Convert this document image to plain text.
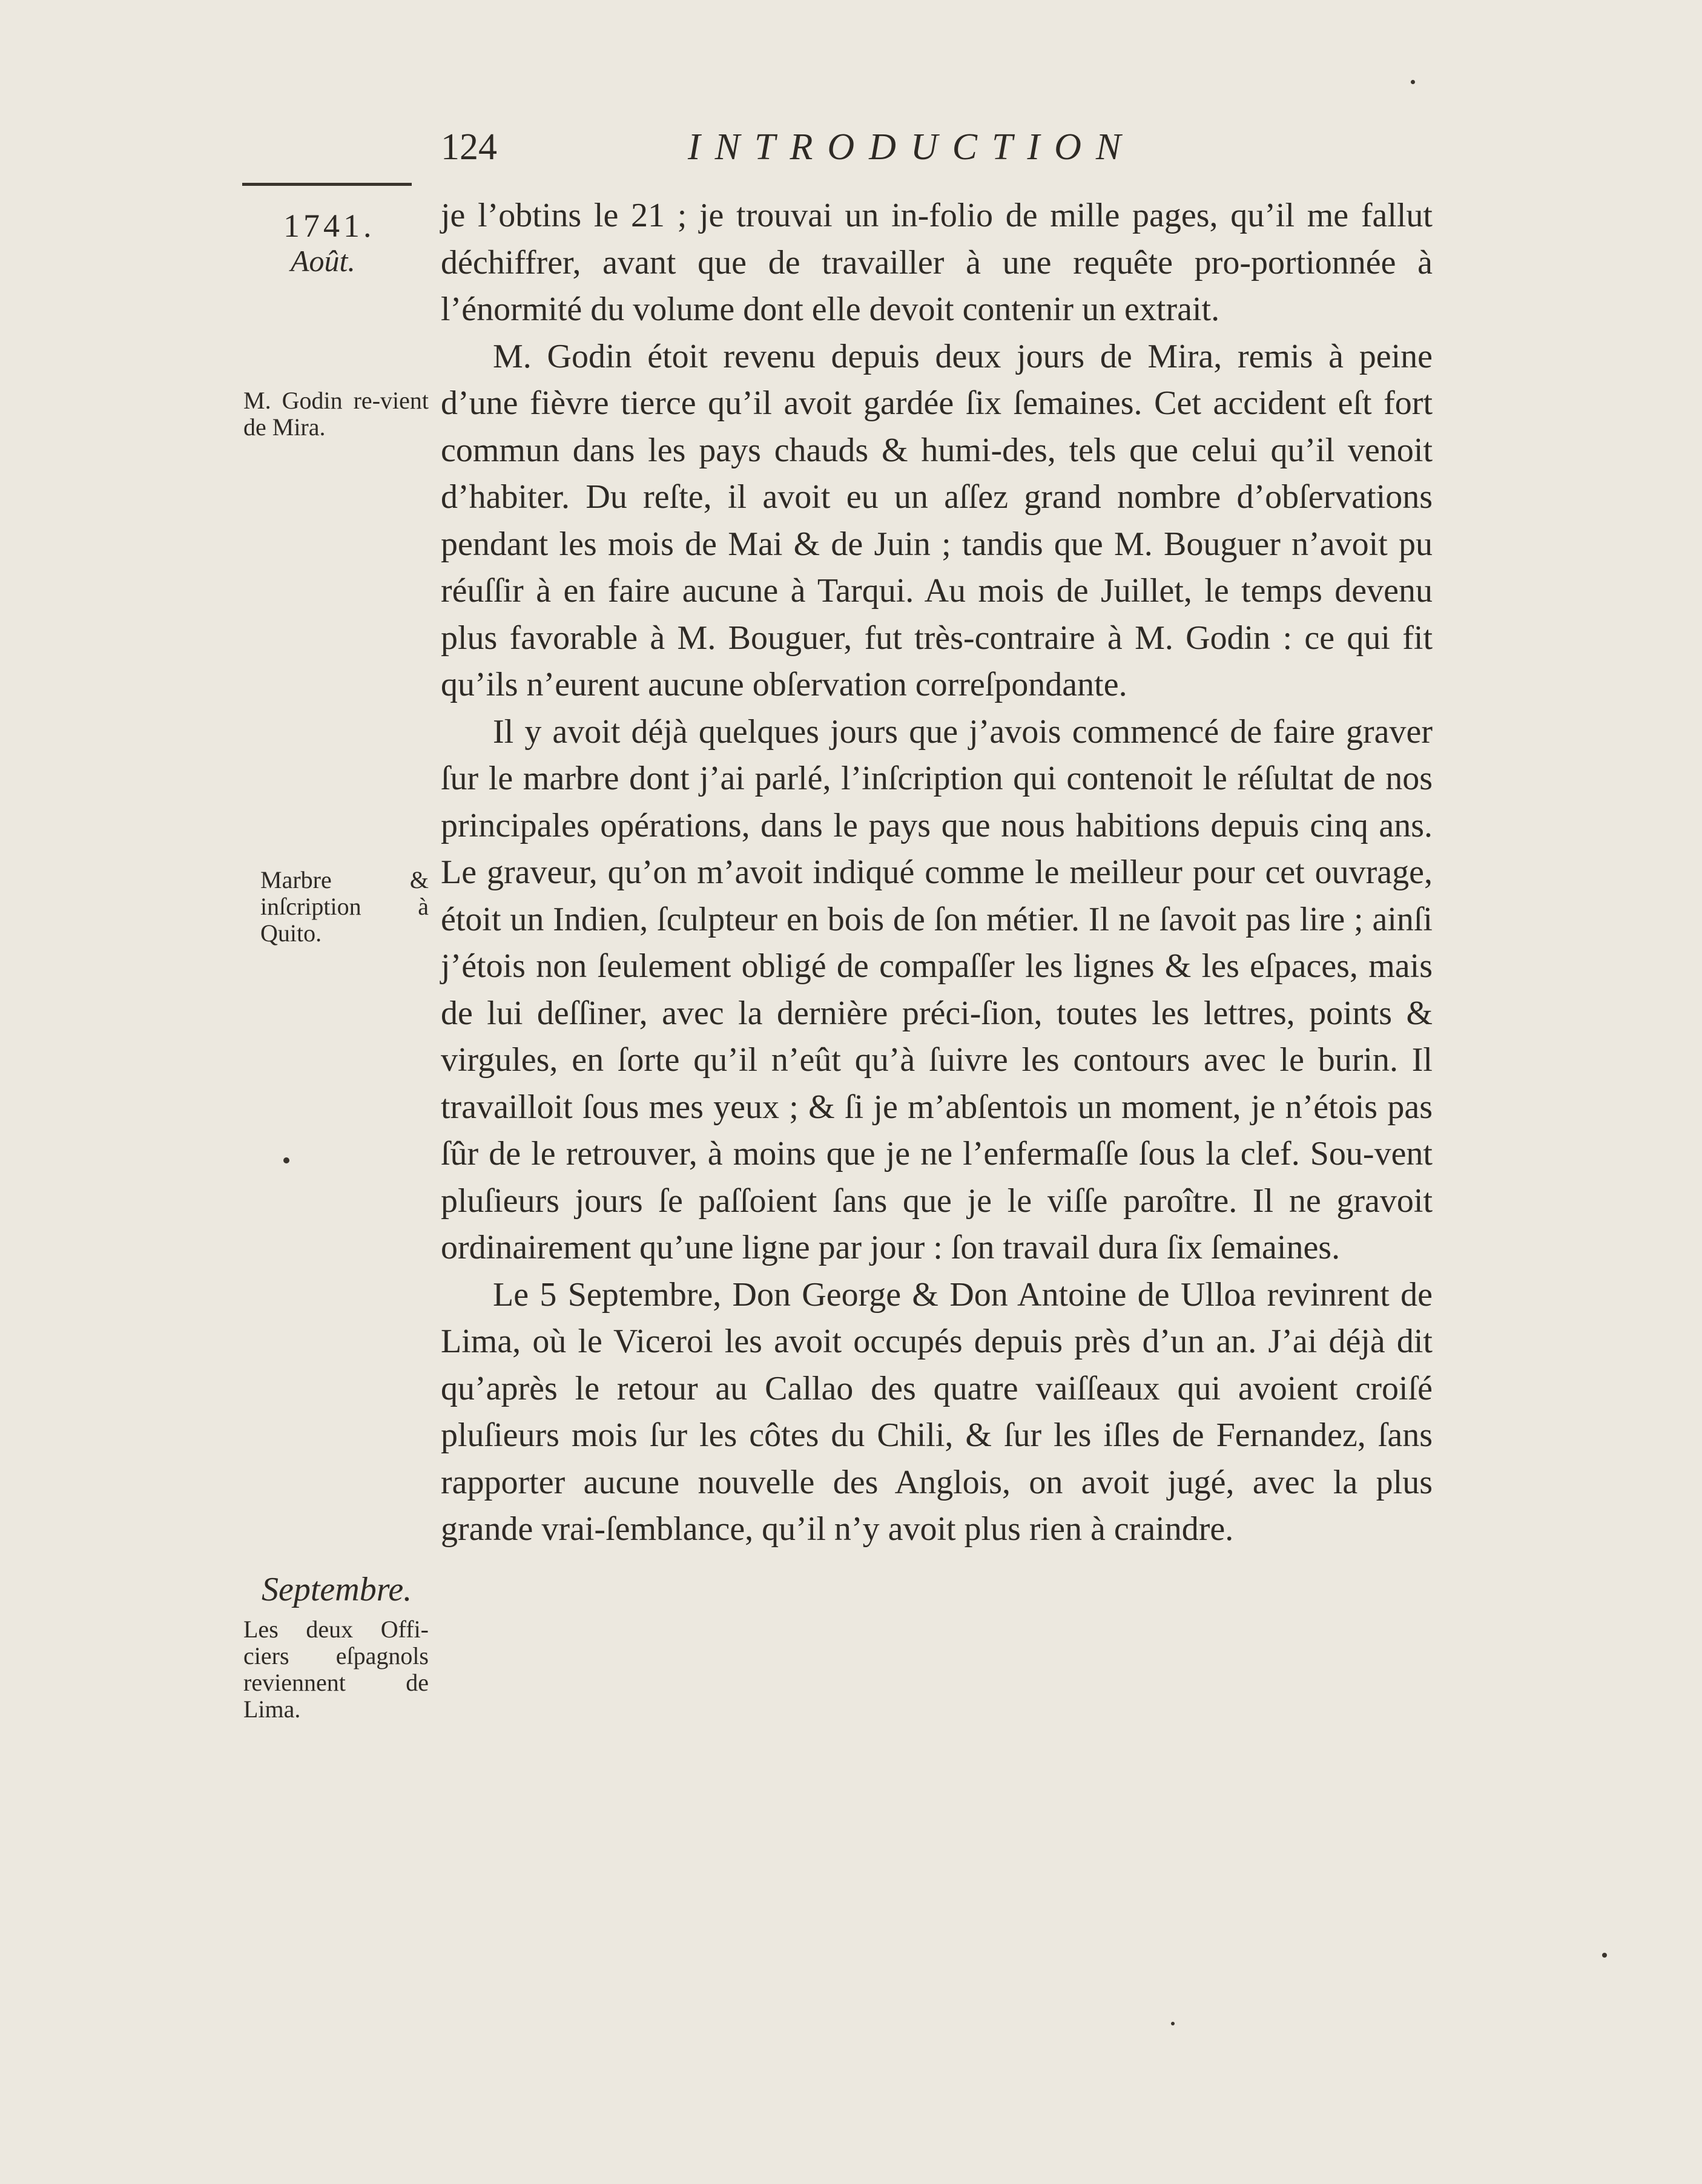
124	INTRODUCTION
1741.
Août.
M. Godin re-vient de Mira.
Marbre & inſcription à Quito.
Septembre.
Les deux Offi-ciers eſpagnols reviennent de Lima.

je l’obtins le 21 ; je trouvai un in-folio de mille pages, qu’il me fallut déchiffrer, avant que de travailler à une requête pro-portionnée à l’énormité du volume dont elle devoit contenir un extrait.

M. Godin étoit revenu depuis deux jours de Mira, remis à peine d’une fièvre tierce qu’il avoit gardée ſix ſemaines. Cet accident eſt fort commun dans les pays chauds & humi-des, tels que celui qu’il venoit d’habiter. Du reſte, il avoit eu un aſſez grand nombre d’obſervations pendant les mois de Mai & de Juin ; tandis que M. Bouguer n’avoit pu réuſſir à en faire aucune à Tarqui. Au mois de Juillet, le temps devenu plus favorable à M. Bouguer, fut très-contraire à M. Godin : ce qui fit qu’ils n’eurent aucune obſervation correſpondante.

Il y avoit déjà quelques jours que j’avois commencé de faire graver ſur le marbre dont j’ai parlé, l’inſcription qui contenoit le réſultat de nos principales opérations, dans le pays que nous habitions depuis cinq ans. Le graveur, qu’on m’avoit indiqué comme le meilleur pour cet ouvrage, étoit un Indien, ſculpteur en bois de ſon métier. Il ne ſavoit pas lire ; ainſi j’étois non ſeulement obligé de compaſſer les lignes & les eſpaces, mais de lui deſſiner, avec la dernière préci-ſion, toutes les lettres, points & virgules, en ſorte qu’il n’eût qu’à ſuivre les contours avec le burin. Il travailloit ſous mes yeux ; & ſi je m’abſentois un moment, je n’étois pas ſûr de le retrouver, à moins que je ne l’enfermaſſe ſous la clef. Sou-vent pluſieurs jours ſe paſſoient ſans que je le viſſe paroître. Il ne gravoit ordinairement qu’une ligne par jour : ſon travail dura ſix ſemaines.

Le 5 Septembre, Don George & Don Antoine de Ulloa revinrent de Lima, où le Viceroi les avoit occupés depuis près d’un an. J’ai déjà dit qu’après le retour au Callao des quatre vaiſſeaux qui avoient croiſé pluſieurs mois ſur les côtes du Chili, & ſur les iſles de Fernandez, ſans rapporter aucune nouvelle des Anglois, on avoit jugé, avec la plus grande vrai-ſemblance, qu’il n’y avoit plus rien à craindre.
